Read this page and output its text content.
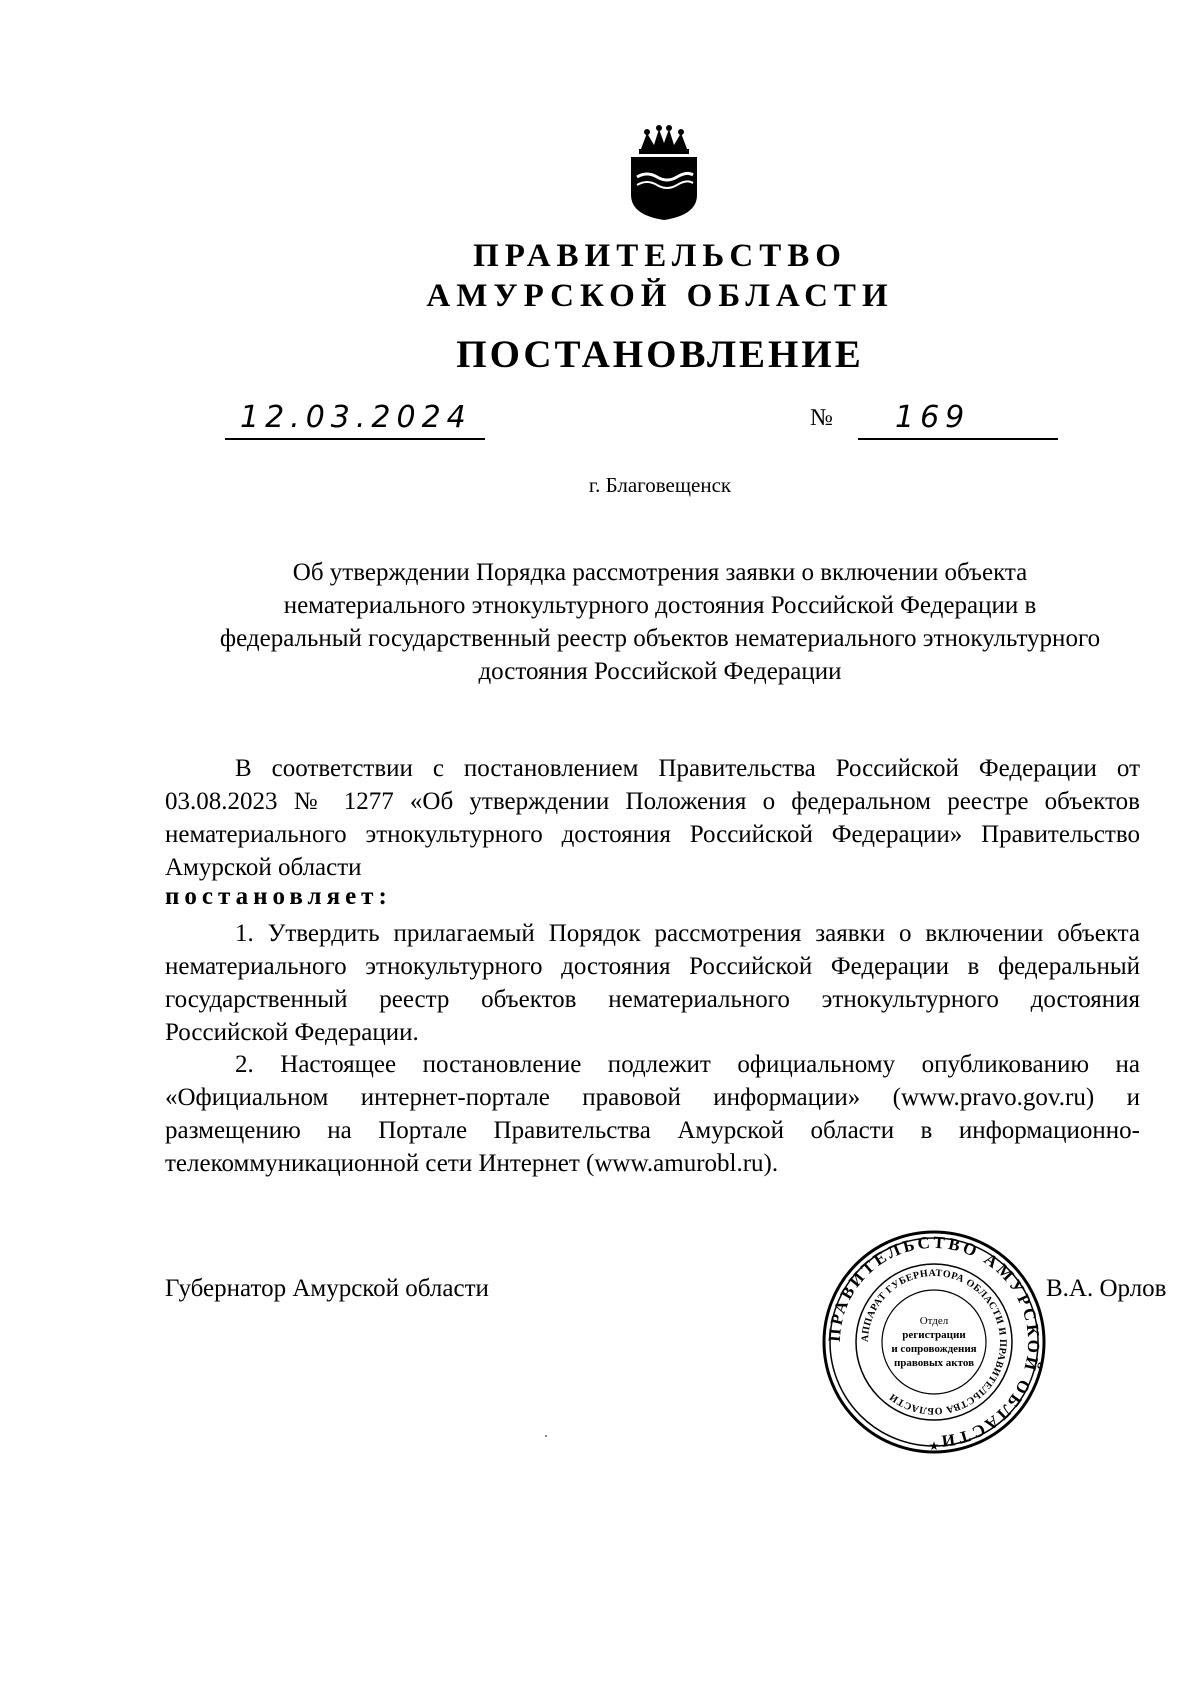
ПРАВИТЕЛЬСТВО
АМУРСКОЙ ОБЛАСТИ
ПОСТАНОВЛЕНИЕ
12.03.2024	№ 169
г. Благовещенск
Об утверждении Порядка рассмотрения заявки о включении объекта нематериального этнокультурного достояния Российской Федерации в федеральный государственный реестр объектов нематериального этнокультурного достояния Российской Федерации
В соответствии с постановлением Правительства Российской Федерации от 03.08.2023 № 1277 «Об утверждении Положения о федеральном реестре объектов нематериального этнокультурного достояния Российской Федерации» Правительство Амурской области
постановляет:
1. Утвердить прилагаемый Порядок рассмотрения заявки о включении объекта нематериального этнокультурного достояния Российской Федерации в федеральный государственный реестр объектов нематериального этнокультурного достояния Российской Федерации.
2. Настоящее постановление подлежит официальному опубликованию на «Официальном интернет-портале правовой информации» (www.pravo.gov.ru) и размещению на Портале Правительства Амурской области в информационно-телекоммуникационной сети Интернет (www.amurobl.ru).
Губернатор Амурской области	В.А. Орлов
ПРАВИТЕЛЬСТВО АМУРСКОЙ ОБЛАСТИ
АППАРАТ ГУБЕРНАТОРА ОБЛАСТИ И ПРАВИТЕЛЬСТВА ОБЛАСТИ
Отдел
регистрации
и сопровождения
правовых актов
★
